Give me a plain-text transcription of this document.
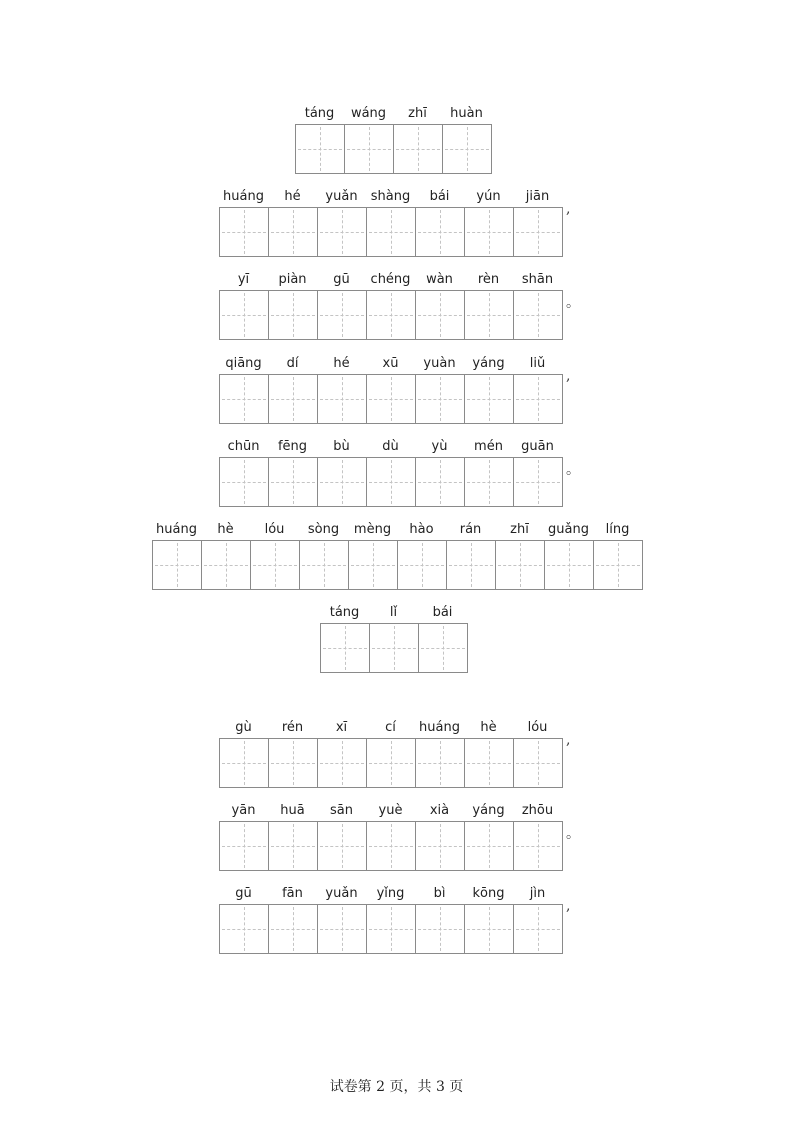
táng	wáng	zhī	huàn
huáng	hé	yuǎn	shàng	bái	yún	jiān
,
yī	piàn	gū	chéng	wàn	rèn	shān
。
qiāng	dí	hé	xū	yuàn	yáng	liǔ
,
chūn	fēng	bù	dù	yù	mén	guān
。
huáng	hè	lóu	sòng	mèng	hào	rán	zhī	guǎng	líng
táng	lǐ	bái
gù	rén	xī	cí	huáng	hè	lóu
,
yān	huā	sān	yuè	xià	yáng	zhōu
。
gū	fān	yuǎn	yǐng	bì	kōng	jìn
,
试卷第 2 页，共 3 页
